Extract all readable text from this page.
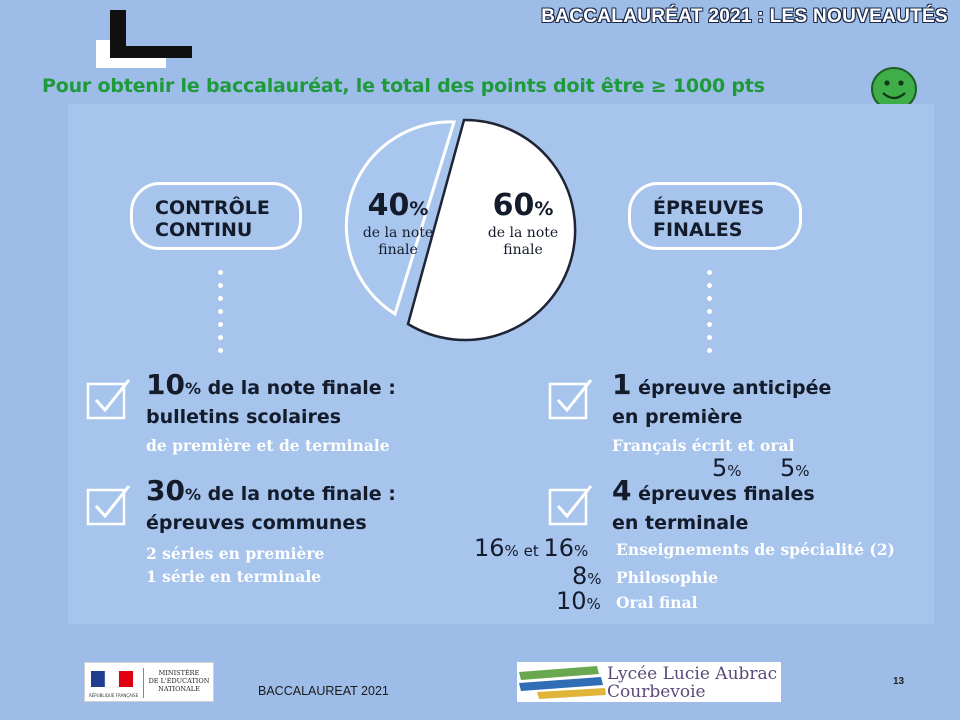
BACCALAURÉAT 2021 : LES NOUVEAUTÉS

Pour obtenir le baccalauréat, le total des points doit être ≥ 1000 pts

CONTRÔLE
CONTINU
ÉPREUVES
FINALES
40%
de la note
finale
60%
de la note
finale

10% de la note finale :

bulletins scolaires

de première et de terminale

30% de la note finale :

épreuves communes

2 séries en première

1 série en terminale

1 épreuve anticipée

en première

Français écrit et oral

5% 5%

4 épreuves finales

en terminale

16% et 16% Enseignements de spécialité (2)

8% Philosophie

10% Oral final

RÉPUBLIQUE FRANÇAISE
MINISTÈRE
DE L'ÉDUCATION
NATIONALE	BACCALAUREAT 2021

Lycée Lucie Aubrac
Courbevoie

13
